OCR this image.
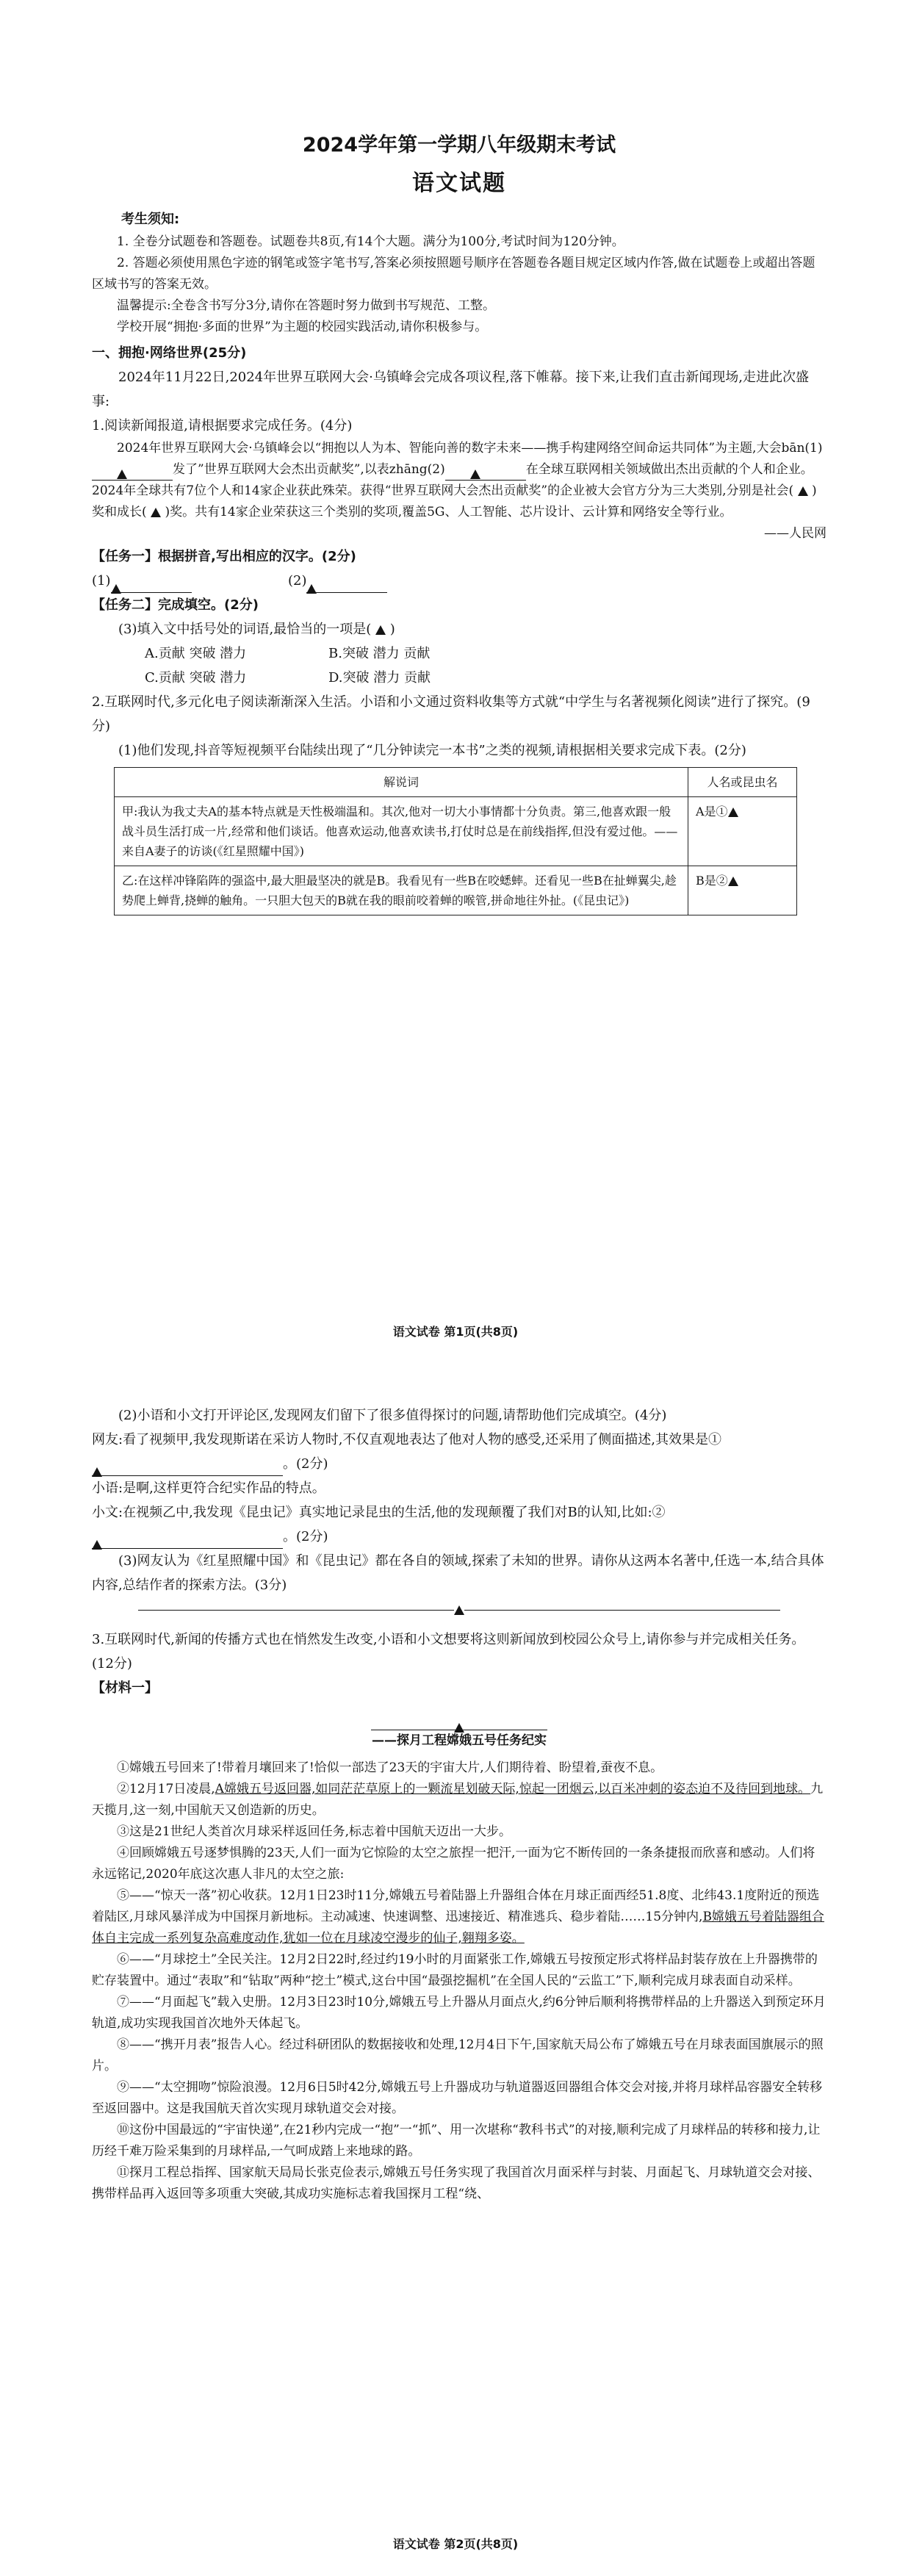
2024学年第一学期八年级期末考试
语文试题

考生须知:

1. 全卷分试题卷和答题卷。试题卷共8页,有14个大题。满分为100分,考试时间为120分钟。

2. 答题必须使用黑色字迹的钢笔或签字笔书写,答案必须按照题号顺序在答题卷各题目规定区域内作答,做在试题卷上或超出答题区域书写的答案无效。

温馨提示:全卷含书写分3分,请你在答题时努力做到书写规范、工整。

学校开展“拥抱·多面的世界”为主题的校园实践活动,请你积极参与。

一、拥抱·网络世界(25分)

2024年11月22日,2024年世界互联网大会·乌镇峰会完成各项议程,落下帷幕。接下来,让我们直击新闻现场,走进此次盛事:

1.阅读新闻报道,请根据要求完成任务。(4分)

2024年世界互联网大会·乌镇峰会以“拥抱以人为本、智能向善的数字未来——携手构建网络空间命运共同体”为主题,大会bān(1)发了”世界互联网大会杰出贡献奖”,以表zhāng(2)	在全球互联网相关领域做出杰出贡献的个人和企业。2024年全球共有7位个人和14家企业获此殊荣。获得“世界互联网大会杰出贡献奖”的企业被大会官方分为三大类别,分别是社会( )奖和成长( )奖。共有14家企业荣获这三个类别的奖项,覆盖5G、人工智能、芯片设计、云计算和网络安全等行业。

——人民网

【任务一】根据拼音,写出相应的汉字。(2分)

(1)	(2)

【任务二】完成填空。(2分)

(3)填入文中括号处的词语,最恰当的一项是( )

A.贡献 突破 潜力	B.突破 潜力 贡献

C.贡献 突破 潜力	D.突破 潜力 贡献

2.互联网时代,多元化电子阅读渐渐深入生活。小语和小文通过资料收集等方式就“中学生与名著视频化阅读”进行了探究。(9分)

(1)他们发现,抖音等短视频平台陆续出现了“几分钟读完一本书”之类的视频,请根据相关要求完成下表。(2分)

解说词	人名或昆虫名
甲:我认为我丈夫A的基本特点就是天性极端温和。其次,他对一切大小事情都十分负责。第三,他喜欢跟一般战斗员生活打成一片,经常和他们谈话。他喜欢运动,他喜欢读书,打仗时总是在前线指挥,但没有爱过他。——来自A妻子的访谈(《红星照耀中国》)	A是①
乙:在这样冲锋陷阵的强盗中,最大胆最坚决的就是B。我看见有一些B在咬蟋蟀。还看见一些B在扯蝉翼尖,趁势爬上蝉背,挠蝉的触角。一只胆大包天的B就在我的眼前咬着蝉的喉管,拼命地往外扯。(《昆虫记》)	B是②
语文试卷 第1页(共8页)

(2)小语和小文打开评论区,发现网友们留下了很多值得探讨的问题,请帮助他们完成填空。(4分)

网友:看了视频甲,我发现斯诺在采访人物时,不仅直观地表达了他对人物的感受,还采用了侧面描述,其效果是①。(2分)

小语:是啊,这样更符合纪实作品的特点。

小文:在视频乙中,我发现《昆虫记》真实地记录昆虫的生活,他的发现颠覆了我们对B的认知,比如:②。(2分)

(3)网友认为《红星照耀中国》和《昆虫记》都在各自的领域,探索了未知的世界。请你从这两本名著中,任选一本,结合具体内容,总结作者的探索方法。(3分)

3.互联网时代,新闻的传播方式也在悄然发生改变,小语和小文想要将这则新闻放到校园公众号上,请你参与并完成相关任务。(12分)

【材料一】

——探月工程嫦娥五号任务纪实

①嫦娥五号回来了!带着月壤回来了!恰似一部迭了23天的宇宙大片,人们期待着、盼望着,蚕夜不息。

②12月17日凌晨,A嫦娥五号返回器,如同茫茫草原上的一颗流星划破天际,惊起一团烟云,以百米冲刺的姿态迫不及待回到地球。九天揽月,这一刻,中国航天又创造新的历史。

③这是21世纪人类首次月球采样返回任务,标志着中国航天迈出一大步。

④回顾嫦娥五号逐梦惧腾的23天,人们一面为它惊险的太空之旅捏一把汗,一面为它不断传回的一条条捷报而欣喜和感动。人们将永远铭记,2020年底这次惠人非凡的太空之旅:

⑤——“惊天一落”初心收获。12月1日23时11分,嫦娥五号着陆器上升器组合体在月球正面西经51.8度、北纬43.1度附近的预选着陆区,月球风暴洋成为中国探月新地标。主动减速、快速调整、迅速接近、精准逃兵、稳步着陆……15分钟内,B嫦娥五号着陆器组合体自主完成一系列复杂高难度动作,犹如一位在月球凌空漫步的仙子,翱翔多姿。

⑥——“月球挖土”全民关注。12月2日22时,经过约19小时的月面紧张工作,嫦娥五号按预定形式将样品封装存放在上升器携带的贮存装置中。通过“表取”和“钻取”两种“挖土”模式,这台中国“最强挖掘机”在全国人民的“云监工”下,顺利完成月球表面自动采样。

⑦——“月面起飞”载入史册。12月3日23时10分,嫦娥五号上升器从月面点火,约6分钟后顺利将携带样品的上升器送入到预定环月轨道,成功实现我国首次地外天体起飞。

⑧——“携开月表”报告人心。经过科研团队的数据接收和处理,12月4日下午,国家航天局公布了嫦娥五号在月球表面国旗展示的照片。

⑨——“太空拥吻”惊险浪漫。12月6日5时42分,嫦娥五号上升器成功与轨道器返回器组合体交会对接,并将月球样品容器安全转移至返回器中。这是我国航天首次实现月球轨道交会对接。

⑩这份中国最远的“宇宙快递”,在21秒内完成一“抱”一“抓”、用一次堪称“教科书式”的对接,顺利完成了月球样品的转移和接力,让历经千难万险采集到的月球样品,一气呵成踏上来地球的路。

⑪探月工程总指挥、国家航天局局长张克俭表示,嫦娥五号任务实现了我国首次月面采样与封装、月面起飞、月球轨道交会对接、携带样品再入返回等多项重大突破,其成功实施标志着我国探月工程“绕、

语文试卷 第2页(共8页)
